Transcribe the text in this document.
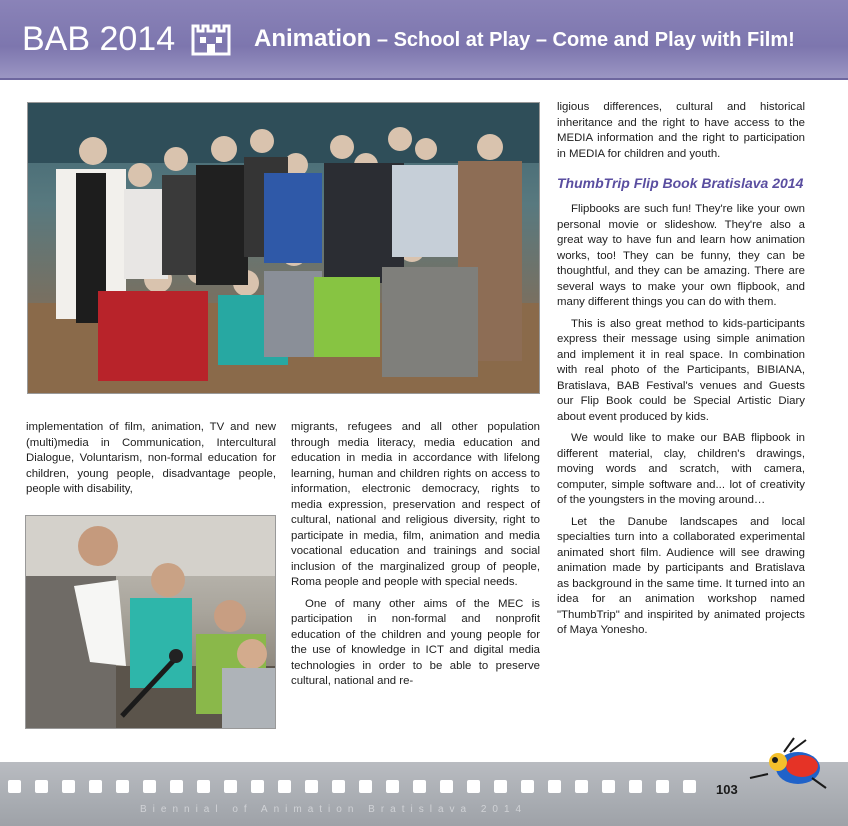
BAB 2014	Animation – School at Play – Come and Play with Film!

implementation of film, animation, TV and new (multi)media in Communication, Intercultural Dialogue, Voluntarism, non-formal education for children, young people, disadvantage people, people with disability,

migrants, refugees and all other population through media literacy, media education and education in media in accordance with lifelong learning, human and children rights on access to information, electronic democracy, rights to media expression, preservation and respect of cultural, national and religious diversity, right to participate in media, film, animation and media vocational education and trainings and social inclusion of the marginalized group of people, Roma people and people with special needs.

One of many other aims of the MEC is participation in non-formal and nonprofit education of the children and young people for the use of knowledge in ICT and digital media technologies in order to be able to preserve cultural, national and re-

ligious differences, cultural and historical inheritance and the right to have access to the MEDIA information and the right to participation in MEDIA for children and youth.

ThumbTrip Flip Book Bratislava 2014

Flipbooks are such fun! They're like your own personal movie or slideshow. They're also a great way to have fun and learn how animation works, too! They can be funny, they can be thoughtful, and they can be amazing. There are several ways to make your own flipbook, and many different things you can do with them.

This is also great method to kids-participants express their message using simple animation and implement it in real space. In combination with real photo of the Participants, BIBIANA, Bratislava, BAB Festival's venues and Guests our Flip Book could be Special Artistic Diary about event produced by kids.

We would like to make our BAB flipbook in different material, clay, children's drawings, moving words and scratch, with camera, computer, simple software and... lot of creativity of the youngsters in the moving around…

Let the Danube landscapes and local specialties turn into a collaborated experimental animated short film. Audience will see drawing animation made by participants and Bratislava as background in the same time. It turned into an idea for an animation workshop named "ThumbTrip" and inspirited by animated projects of Maya Yonesho.

Biennial of Animation Bratislava 2014
103
